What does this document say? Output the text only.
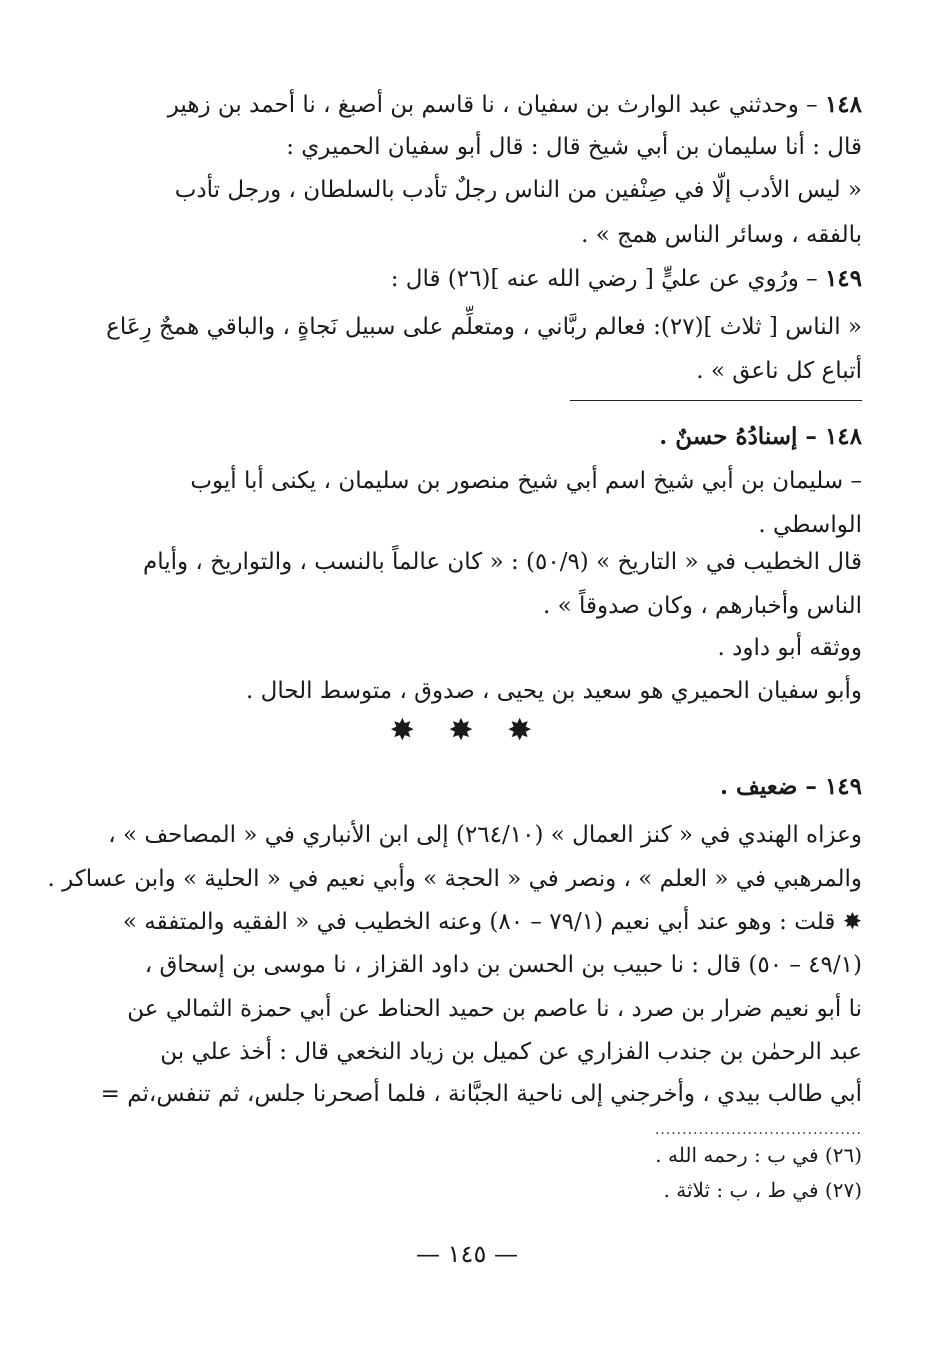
١٤٨ – وحدثني عبد الوارث بن سفيان ، نا قاسم بن أصبغ ، نا أحمد بن زهير
قال : أنا سليمان بن أبي شيخ قال : قال أبو سفيان الحميري :
« ليس الأدب إلّا في صِنْفين من الناس رجلٌ تأدب بالسلطان ، ورجل تأدب
بالفقه ، وسائر الناس همج » .
١٤٩ – ورُوي عن عليٍّ [ رضي الله عنه ](٢٦) قال :
« الناس [ ثلاث ](٢٧): فعالم ربَّاني ، ومتعلِّم على سبيل نَجاةٍ ، والباقي همجٌ رِعَاع
أتباع كل ناعق » .
١٤٨ – إسنادُهُ حسنٌ .
– سليمان بن أبي شيخ اسم أبي شيخ منصور بن سليمان ، يكنى أبا أيوب
الواسطي .
قال الخطيب في « التاريخ » (٥٠/٩) : « كان عالماً بالنسب ، والتواريخ ، وأيام
الناس وأخبارهم ، وكان صدوقاً » .
ووثقه أبو داود .
وأبو سفيان الحميري هو سعيد بن يحيى ، صدوق ، متوسط الحال .
✸ ✸ ✸
١٤٩ – ضعيف .
وعزاه الهندي في « كنز العمال » (٢٦٤/١٠) إلى ابن الأنباري في « المصاحف » ،
والمرهبي في « العلم » ، ونصر في « الحجة » وأبي نعيم في « الحلية » وابن عساكر .
✸ قلت : وهو عند أبي نعيم (٧٩/١ – ٨٠) وعنه الخطيب في « الفقيه والمتفقه »
(٤٩/١ – ٥٠) قال : نا حبيب بن الحسن بن داود القزاز ، نا موسى بن إسحاق ،
نا أبو نعيم ضرار بن صرد ، نا عاصم بن حميد الحناط عن أبي حمزة الثمالي عن
عبد الرحمٰن بن جندب الفزاري عن كميل بن زياد النخعي قال : أخذ علي بن
أبي طالب بيدي ، وأخرجني إلى ناحية الجبَّانة ، فلما أصحرنا جلس، ثم تنفس،ثم =
......................................
(٢٦) في ب : رحمه الله .
(٢٧) في ط ، ب : ثلاثة .
— ١٤٥ —
